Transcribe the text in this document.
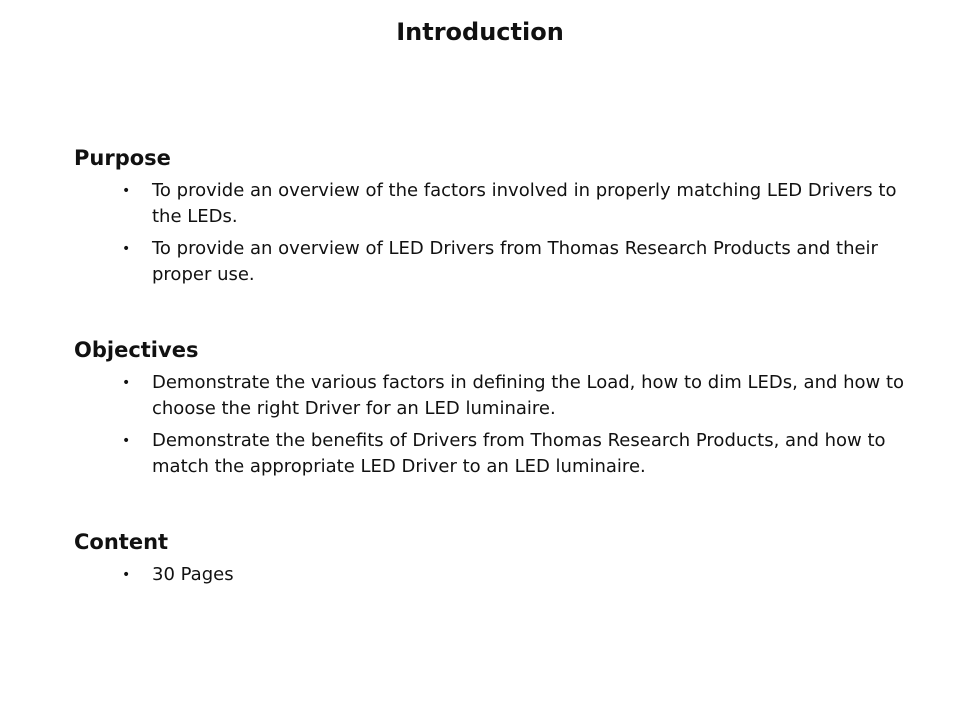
Introduction
Purpose
• To provide an overview of the factors involved in properly matching LED Drivers to the LEDs.
• To provide an overview of LED Drivers from Thomas Research Products and their proper use.
Objectives
• Demonstrate the various factors in defining the Load, how to dim LEDs, and how to choose the right Driver for an LED luminaire.
• Demonstrate the benefits of Drivers from Thomas Research Products, and how to match the appropriate LED Driver to an LED luminaire.
Content
• 30 Pages
